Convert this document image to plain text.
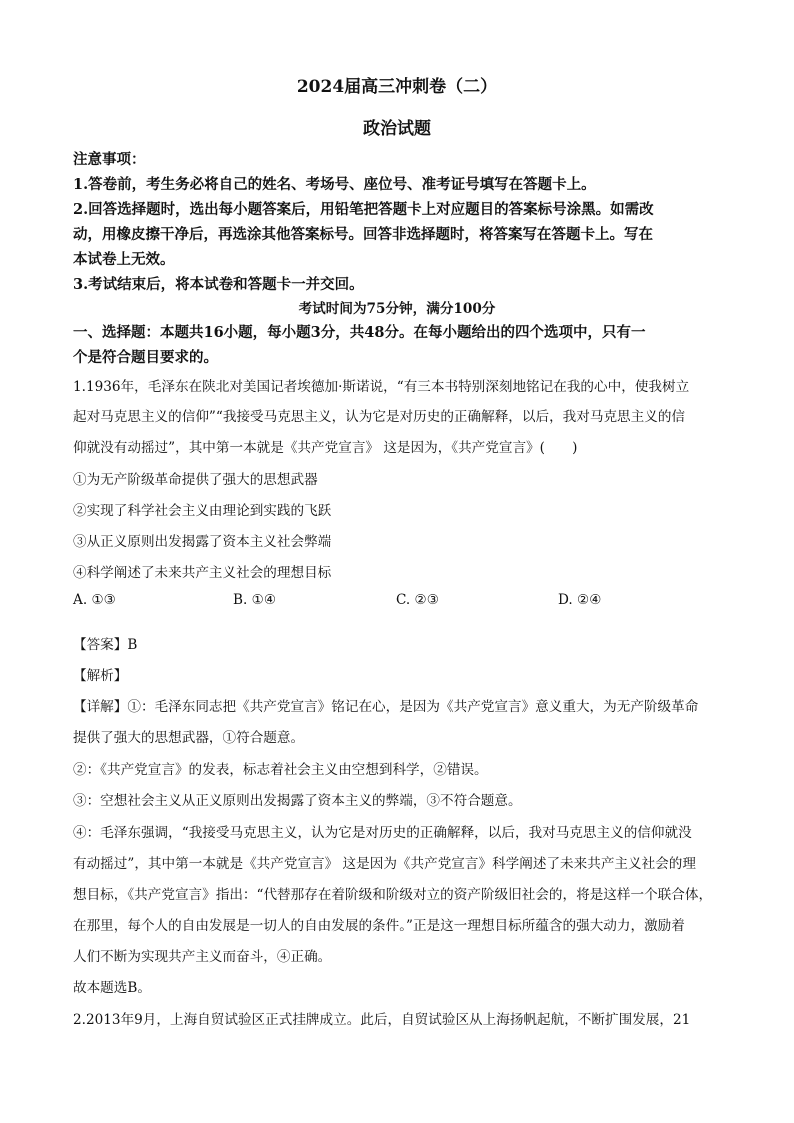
2024届高三冲刺卷（二）
政治试题
注意事项：
1.答卷前，考生务必将自己的姓名、考场号、座位号、准考证号填写在答题卡上。
2.回答选择题时，选出每小题答案后，用铅笔把答题卡上对应题目的答案标号涂黑。如需改
动，用橡皮擦干净后，再选涂其他答案标号。回答非选择题时，将答案写在答题卡上。写在
本试卷上无效。
3.考试结束后，将本试卷和答题卡一并交回。
考试时间为75分钟，满分100分
一、选择题：本题共16小题，每小题3分，共48分。在每小题给出的四个选项中，只有一
个是符合题目要求的。
1.1936年，毛泽东在陕北对美国记者埃德加·斯诺说，“有三本书特别深刻地铭记在我的心中，使我树立
起对马克思主义的信仰”“我接受马克思主义，认为它是对历史的正确解释，以后，我对马克思主义的信
仰就没有动摇过”，其中第一本就是《共产党宣言》 这是因为，《共产党宣言》(　　)
①为无产阶级革命提供了强大的思想武器
②实现了科学社会主义由理论到实践的飞跃
③从正义原则出发揭露了资本主义社会弊端
④科学阐述了未来共产主义社会的理想目标
A. ①③	B. ①④	C. ②③	D. ②④
【答案】B
【解析】
【详解】①：毛泽东同志把《共产党宣言》铭记在心，是因为《共产党宣言》意义重大，为无产阶级革命
提供了强大的思想武器，①符合题意。
②：《共产党宣言》的发表，标志着社会主义由空想到科学，②错误。
③：空想社会主义从正义原则出发揭露了资本主义的弊端，③不符合题意。
④：毛泽东强调，“我接受马克思主义，认为它是对历史的正确解释，以后，我对马克思主义的信仰就没
有动摇过”，其中第一本就是《共产党宣言》 这是因为《共产党宣言》科学阐述了未来共产主义社会的理
想目标，《共产党宣言》指出：“代替那存在着阶级和阶级对立的资产阶级旧社会的，将是这样一个联合体，
在那里，每个人的自由发展是一切人的自由发展的条件。”正是这一理想目标所蕴含的强大动力，激励着
人们不断为实现共产主义而奋斗，④正确。
故本题选B。
2.2013年9月，上海自贸试验区正式挂牌成立。此后，自贸试验区从上海扬帆起航，不断扩围发展，21
